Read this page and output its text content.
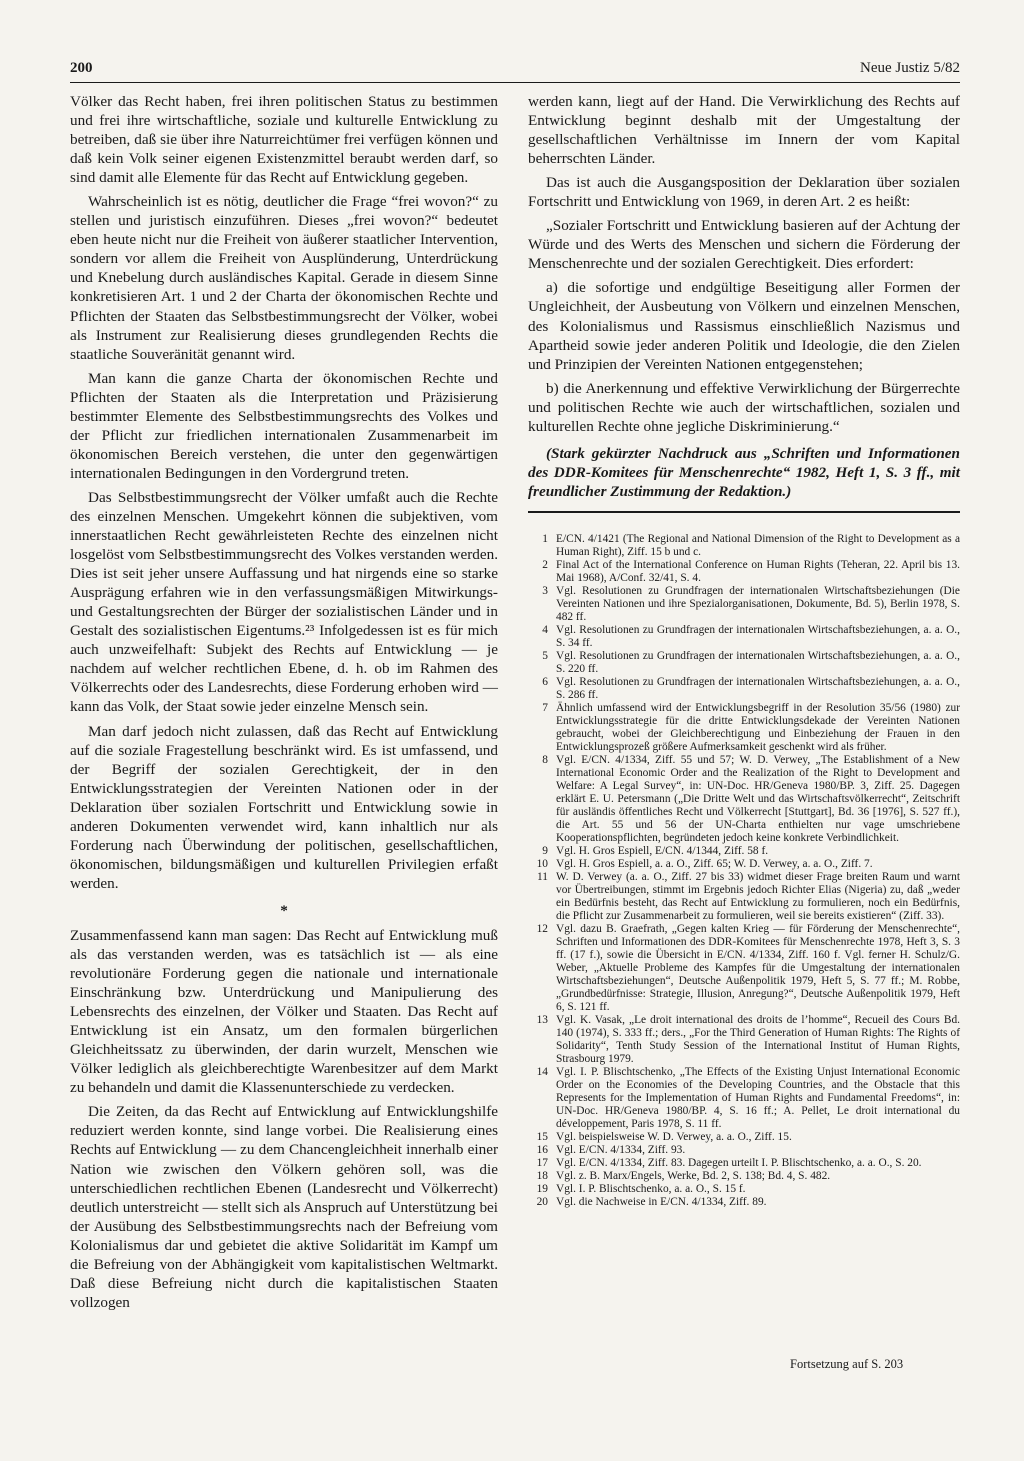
200	Neue Justiz 5/82

Völker das Recht haben, frei ihren politischen Status zu bestimmen und frei ihre wirtschaftliche, soziale und kulturelle Entwicklung zu betreiben, daß sie über ihre Naturreichtümer frei verfügen können und daß kein Volk seiner eigenen Existenzmittel beraubt werden darf, so sind damit alle Elemente für das Recht auf Entwicklung gegeben.

Wahrscheinlich ist es nötig, deutlicher die Frage “frei wovon?“ zu stellen und juristisch einzuführen. Dieses „frei wovon?“ bedeutet eben heute nicht nur die Freiheit von äußerer staatlicher Intervention, sondern vor allem die Freiheit von Ausplünderung, Unterdrückung und Knebelung durch ausländisches Kapital. Gerade in diesem Sinne konkretisieren Art. 1 und 2 der Charta der ökonomischen Rechte und Pflichten der Staaten das Selbstbestimmungsrecht der Völker, wobei als Instrument zur Realisierung dieses grundlegenden Rechts die staatliche Souveränität genannt wird.

Man kann die ganze Charta der ökonomischen Rechte und Pflichten der Staaten als die Interpretation und Präzisierung bestimmter Elemente des Selbstbestimmungsrechts des Volkes und der Pflicht zur friedlichen internationalen Zusammenarbeit im ökonomischen Bereich verstehen, die unter den gegenwärtigen internationalen Bedingungen in den Vordergrund treten.

Das Selbstbestimmungsrecht der Völker umfaßt auch die Rechte des einzelnen Menschen. Umgekehrt können die subjektiven, vom innerstaatlichen Recht gewährleisteten Rechte des einzelnen nicht losgelöst vom Selbstbestimmungsrecht des Volkes verstanden werden. Dies ist seit jeher unsere Auffassung und hat nirgends eine so starke Ausprägung erfahren wie in den verfassungsmäßigen Mitwirkungs- und Gestaltungsrechten der Bürger der sozialistischen Länder und in Gestalt des sozialistischen Eigentums.²³ Infolgedessen ist es für mich auch unzweifelhaft: Subjekt des Rechts auf Entwicklung — je nachdem auf welcher rechtlichen Ebene, d. h. ob im Rahmen des Völkerrechts oder des Landesrechts, diese Forderung erhoben wird — kann das Volk, der Staat sowie jeder einzelne Mensch sein.

Man darf jedoch nicht zulassen, daß das Recht auf Entwicklung auf die soziale Fragestellung beschränkt wird. Es ist umfassend, und der Begriff der sozialen Gerechtigkeit, der in den Entwicklungsstrategien der Vereinten Nationen oder in der Deklaration über sozialen Fortschritt und Entwicklung sowie in anderen Dokumenten verwendet wird, kann inhaltlich nur als Forderung nach Überwindung der politischen, gesellschaftlichen, ökonomischen, bildungsmäßigen und kulturellen Privilegien erfaßt werden.

*

Zusammenfassend kann man sagen: Das Recht auf Entwicklung muß als das verstanden werden, was es tatsächlich ist — als eine revolutionäre Forderung gegen die nationale und internationale Einschränkung bzw. Unterdrückung und Manipulierung des Lebensrechts des einzelnen, der Völker und Staaten. Das Recht auf Entwicklung ist ein Ansatz, um den formalen bürgerlichen Gleichheitssatz zu überwinden, der darin wurzelt, Menschen wie Völker lediglich als gleichberechtigte Warenbesitzer auf dem Markt zu behandeln und damit die Klassenunterschiede zu verdecken.

Die Zeiten, da das Recht auf Entwicklung auf Entwicklungshilfe reduziert werden konnte, sind lange vorbei. Die Realisierung eines Rechts auf Entwicklung — zu dem Chancengleichheit innerhalb einer Nation wie zwischen den Völkern gehören soll, was die unterschiedlichen rechtlichen Ebenen (Landesrecht und Völkerrecht) deutlich unterstreicht — stellt sich als Anspruch auf Unterstützung bei der Ausübung des Selbstbestimmungsrechts nach der Befreiung vom Kolonialismus dar und gebietet die aktive Solidarität im Kampf um die Befreiung von der Abhängigkeit vom kapitalistischen Weltmarkt. Daß diese Befreiung nicht durch die kapitalistischen Staaten vollzogen

werden kann, liegt auf der Hand. Die Verwirklichung des Rechts auf Entwicklung beginnt deshalb mit der Umgestaltung der gesellschaftlichen Verhältnisse im Innern der vom Kapital beherrschten Länder.

Das ist auch die Ausgangsposition der Deklaration über sozialen Fortschritt und Entwicklung von 1969, in deren Art. 2 es heißt:

„Sozialer Fortschritt und Entwicklung basieren auf der Achtung der Würde und des Werts des Menschen und sichern die Förderung der Menschenrechte und der sozialen Gerechtigkeit. Dies erfordert:

a) die sofortige und endgültige Beseitigung aller Formen der Ungleichheit, der Ausbeutung von Völkern und einzelnen Menschen, des Kolonialismus und Rassismus einschließlich Nazismus und Apartheid sowie jeder anderen Politik und Ideologie, die den Zielen und Prinzipien der Vereinten Nationen entgegenstehen;

b) die Anerkennung und effektive Verwirklichung der Bürgerrechte und politischen Rechte wie auch der wirtschaftlichen, sozialen und kulturellen Rechte ohne jegliche Diskriminierung.“

(Stark gekürzter Nachdruck aus „Schriften und Informationen des DDR-Komitees für Menschenrechte“ 1982, Heft 1, S. 3 ff., mit freundlicher Zustimmung der Redaktion.)

1 E/CN. 4/1421 (The Regional and National Dimension of the Right to Development as a Human Right), Ziff. 15 b und c.
2 Final Act of the International Conference on Human Rights (Teheran, 22. April bis 13. Mai 1968), A/Conf. 32/41, S. 4.
3 Vgl. Resolutionen zu Grundfragen der internationalen Wirtschaftsbeziehungen (Die Vereinten Nationen und ihre Spezialorganisationen, Dokumente, Bd. 5), Berlin 1978, S. 482 ff.
4 Vgl. Resolutionen zu Grundfragen der internationalen Wirtschaftsbeziehungen, a. a. O., S. 34 ff.
5 Vgl. Resolutionen zu Grundfragen der internationalen Wirtschaftsbeziehungen, a. a. O., S. 220 ff.
6 Vgl. Resolutionen zu Grundfragen der internationalen Wirtschaftsbeziehungen, a. a. O., S. 286 ff.
7 Ähnlich umfassend wird der Entwicklungsbegriff in der Resolution 35/56 (1980) zur Entwicklungsstrategie für die dritte Entwicklungsdekade der Vereinten Nationen gebraucht, wobei der Gleichberechtigung und Einbeziehung der Frauen in den Entwicklungsprozeß größere Aufmerksamkeit geschenkt wird als früher.
8 Vgl. E/CN. 4/1334, Ziff. 55 und 57; W. D. Verwey, „The Establishment of a New International Economic Order and the Realization of the Right to Development and Welfare: A Legal Survey“, in: UN-Doc. HR/Geneva 1980/BP. 3, Ziff. 25. Dagegen erklärt E. U. Petersmann („Die Dritte Welt und das Wirtschaftsvölkerrecht“, Zeitschrift für ausländis öffentliches Recht und Völkerrecht [Stuttgart], Bd. 36 [1976], S. 527 ff.), die Art. 55 und 56 der UN-Charta enthielten nur vage umschriebene Kooperationspflichten, begründeten jedoch keine konkrete Verbindlichkeit.
9 Vgl. H. Gros Espiell, E/CN. 4/1344, Ziff. 58 f.
10 Vgl. H. Gros Espiell, a. a. O., Ziff. 65; W. D. Verwey, a. a. O., Ziff. 7.
11 W. D. Verwey (a. a. O., Ziff. 27 bis 33) widmet dieser Frage breiten Raum und warnt vor Übertreibungen, stimmt im Ergebnis jedoch Richter Elias (Nigeria) zu, daß „weder ein Bedürfnis besteht, das Recht auf Entwicklung zu formulieren, noch ein Bedürfnis, die Pflicht zur Zusammenarbeit zu formulieren, weil sie bereits existieren“ (Ziff. 33).
12 Vgl. dazu B. Graefrath, „Gegen kalten Krieg — für Förderung der Menschenrechte“, Schriften und Informationen des DDR-Komitees für Menschenrechte 1978, Heft 3, S. 3 ff. (17 f.), sowie die Übersicht in E/CN. 4/1334, Ziff. 160 f. Vgl. ferner H. Schulz/G. Weber, „Aktuelle Probleme des Kampfes für die Umgestaltung der internationalen Wirtschaftsbeziehungen“, Deutsche Außenpolitik 1979, Heft 5, S. 77 ff.; M. Robbe, „Grundbedürfnisse: Strategie, Illusion, Anregung?“, Deutsche Außenpolitik 1979, Heft 6, S. 121 ff.
13 Vgl. K. Vasak, „Le droit international des droits de l’homme“, Recueil des Cours Bd. 140 (1974), S. 333 ff.; ders., „For the Third Generation of Human Rights: The Rights of Solidarity“, Tenth Study Session of the International Institut of Human Rights, Strasbourg 1979.
14 Vgl. I. P. Blischtschenko, „The Effects of the Existing Unjust International Economic Order on the Economies of the Developing Countries, and the Obstacle that this Represents for the Implementation of Human Rights and Fundamental Freedoms“, in: UN-Doc. HR/Geneva 1980/BP. 4, S. 16 ff.; A. Pellet, Le droit international du développement, Paris 1978, S. 11 ff.
15 Vgl. beispielsweise W. D. Verwey, a. a. O., Ziff. 15.
16 Vgl. E/CN. 4/1334, Ziff. 93.
17 Vgl. E/CN. 4/1334, Ziff. 83. Dagegen urteilt I. P. Blischtschenko, a. a. O., S. 20.
18 Vgl. z. B. Marx/Engels, Werke, Bd. 2, S. 138; Bd. 4, S. 482.
19 Vgl. I. P. Blischtschenko, a. a. O., S. 15 f.
20 Vgl. die Nachweise in E/CN. 4/1334, Ziff. 89.
Fortsetzung auf S. 203
